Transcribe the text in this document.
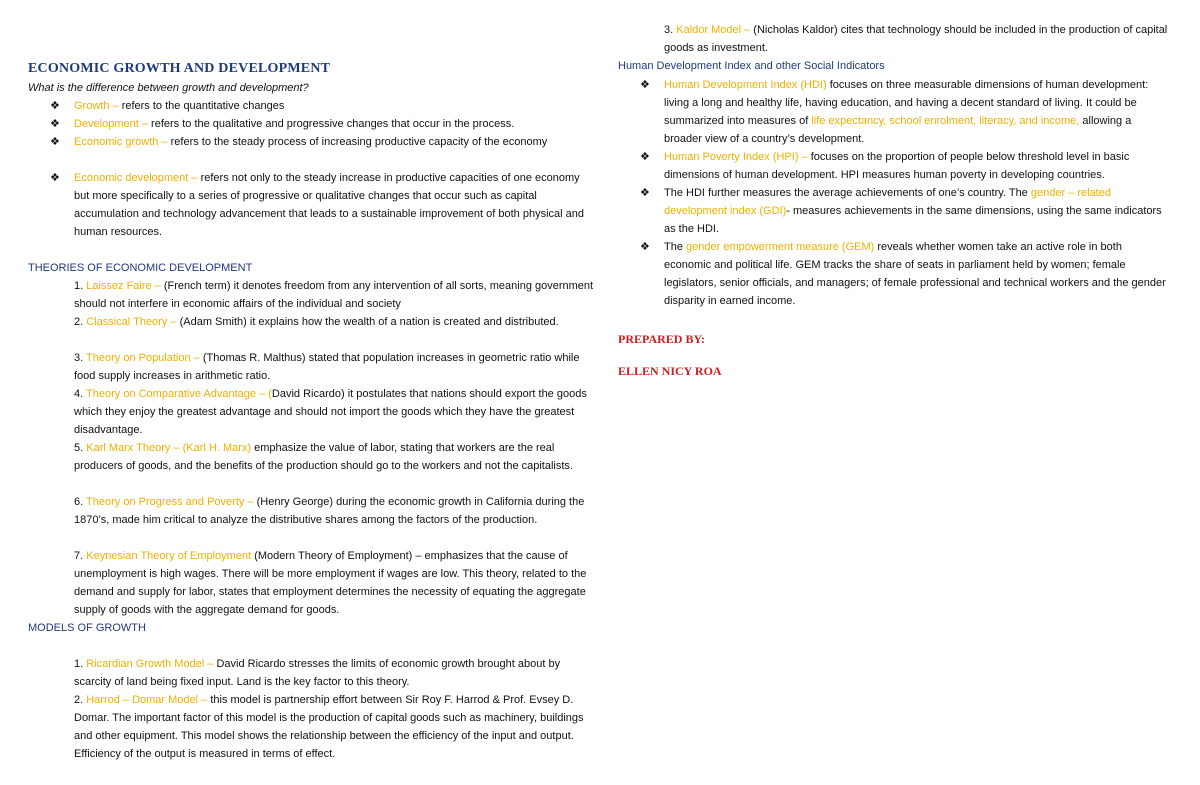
ECONOMIC GROWTH AND DEVELOPMENT
What is the difference between growth and development?
❖ Growth – refers to the quantitative changes
❖ Development – refers to the qualitative and progressive changes that occur in the process.
❖ Economic growth – refers to the steady process of increasing productive capacity of the economy
❖ Economic development – refers not only to the steady increase in productive capacities of one economy but more specifically to a series of progressive or qualitative changes that occur such as capital accumulation and technology advancement that leads to a sustainable improvement of both physical and human resources.
THEORIES OF ECONOMIC DEVELOPMENT
1. Laissez Faire – (French term) it denotes freedom from any intervention of all sorts, meaning government should not interfere in economic affairs of the individual and society
2. Classical Theory – (Adam Smith) it explains how the wealth of a nation is created and distributed.
3. Theory on Population – (Thomas R. Malthus) stated that population increases in geometric ratio while food supply increases in arithmetic ratio.
4. Theory on Comparative Advantage – (David Ricardo) it postulates that nations should export the goods which they enjoy the greatest advantage and should not import the goods which they have the greatest disadvantage.
5. Karl Marx Theory – (Karl H. Marx) emphasize the value of labor, stating that workers are the real producers of goods, and the benefits of the production should go to the workers and not the capitalists.
6. Theory on Progress and Poverty – (Henry George) during the economic growth in California during the 1870’s, made him critical to analyze the distributive shares among the factors of the production.
7. Keynesian Theory of Employment (Modern Theory of Employment) – emphasizes that the cause of unemployment is high wages. There will be more employment if wages are low. This theory, related to the demand and supply for labor, states that employment determines the necessity of equating the aggregate supply of goods with the aggregate demand for goods.
MODELS OF GROWTH
1. Ricardian Growth Model – David Ricardo stresses the limits of economic growth brought about by scarcity of land being fixed input. Land is the key factor to this theory.
2. Harrod – Domar Model – this model is partnership effort between Sir Roy F. Harrod & Prof. Evsey D. Domar. The important factor of this model is the production of capital goods such as machinery, buildings and other equipment. This model shows the relationship between the efficiency of the input and output. Efficiency of the output is measured in terms of effect.
3. Kaldor Model – (Nicholas Kaldor) cites that technology should be included in the production of capital goods as investment.
Human Development Index and other Social Indicators
❖ Human Development Index (HDI) focuses on three measurable dimensions of human development: living a long and healthy life, having education, and having a decent standard of living. It could be summarized into measures of life expectancy, school enrolment, literacy, and income, allowing a broader view of a country’s development.
❖ Human Poverty Index (HPI) – focuses on the proportion of people below threshold level in basic dimensions of human development. HPI measures human poverty in developing countries.
❖ The HDI further measures the average achievements of one’s country. The gender – related development index (GDI)- measures achievements in the same dimensions, using the same indicators as the HDI.
❖ The gender empowerment measure (GEM) reveals whether women take an active role in both economic and political life. GEM tracks the share of seats in parliament held by women; female legislators, senior officials, and managers; of female professional and technical workers and the gender disparity in earned income.
PREPARED BY:
ELLEN NICY ROA
